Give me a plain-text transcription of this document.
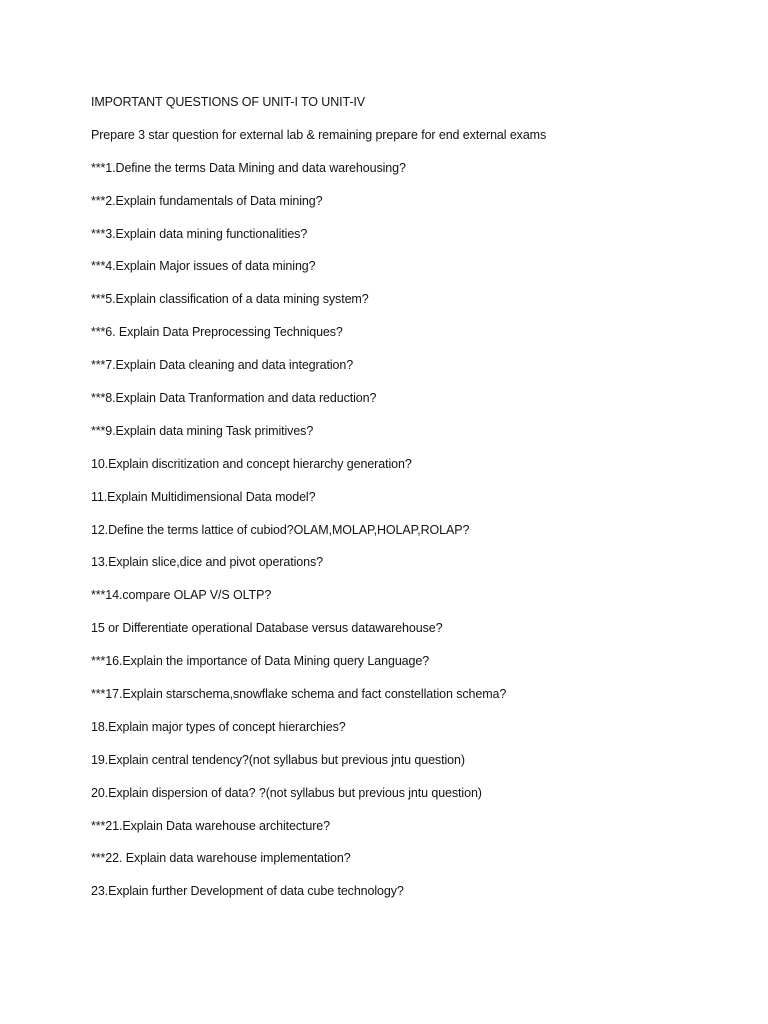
IMPORTANT QUESTIONS OF UNIT-I TO UNIT-IV
Prepare 3 star question for external lab & remaining prepare for end external exams
***1.Define the terms Data Mining and data warehousing?
***2.Explain fundamentals of Data mining?
***3.Explain data mining functionalities?
***4.Explain Major issues of data mining?
***5.Explain classification of a data mining system?
***6. Explain Data Preprocessing Techniques?
***7.Explain Data cleaning and data integration?
***8.Explain Data Tranformation and data reduction?
***9.Explain data mining Task primitives?
10.Explain discritization and concept hierarchy generation?
11.Explain Multidimensional Data model?
12.Define the terms lattice of cubiod?OLAM,MOLAP,HOLAP,ROLAP?
13.Explain slice,dice and pivot operations?
***14.compare OLAP V/S OLTP?
15 or Differentiate operational Database versus datawarehouse?
***16.Explain the importance of Data Mining query Language?
***17.Explain starschema,snowflake schema and fact constellation schema?
18.Explain major types of concept hierarchies?
19.Explain central tendency?(not syllabus but previous jntu question)
20.Explain dispersion of data? ?(not syllabus but previous jntu question)
***21.Explain Data warehouse architecture?
***22. Explain data warehouse implementation?
23.Explain further Development of data cube technology?
